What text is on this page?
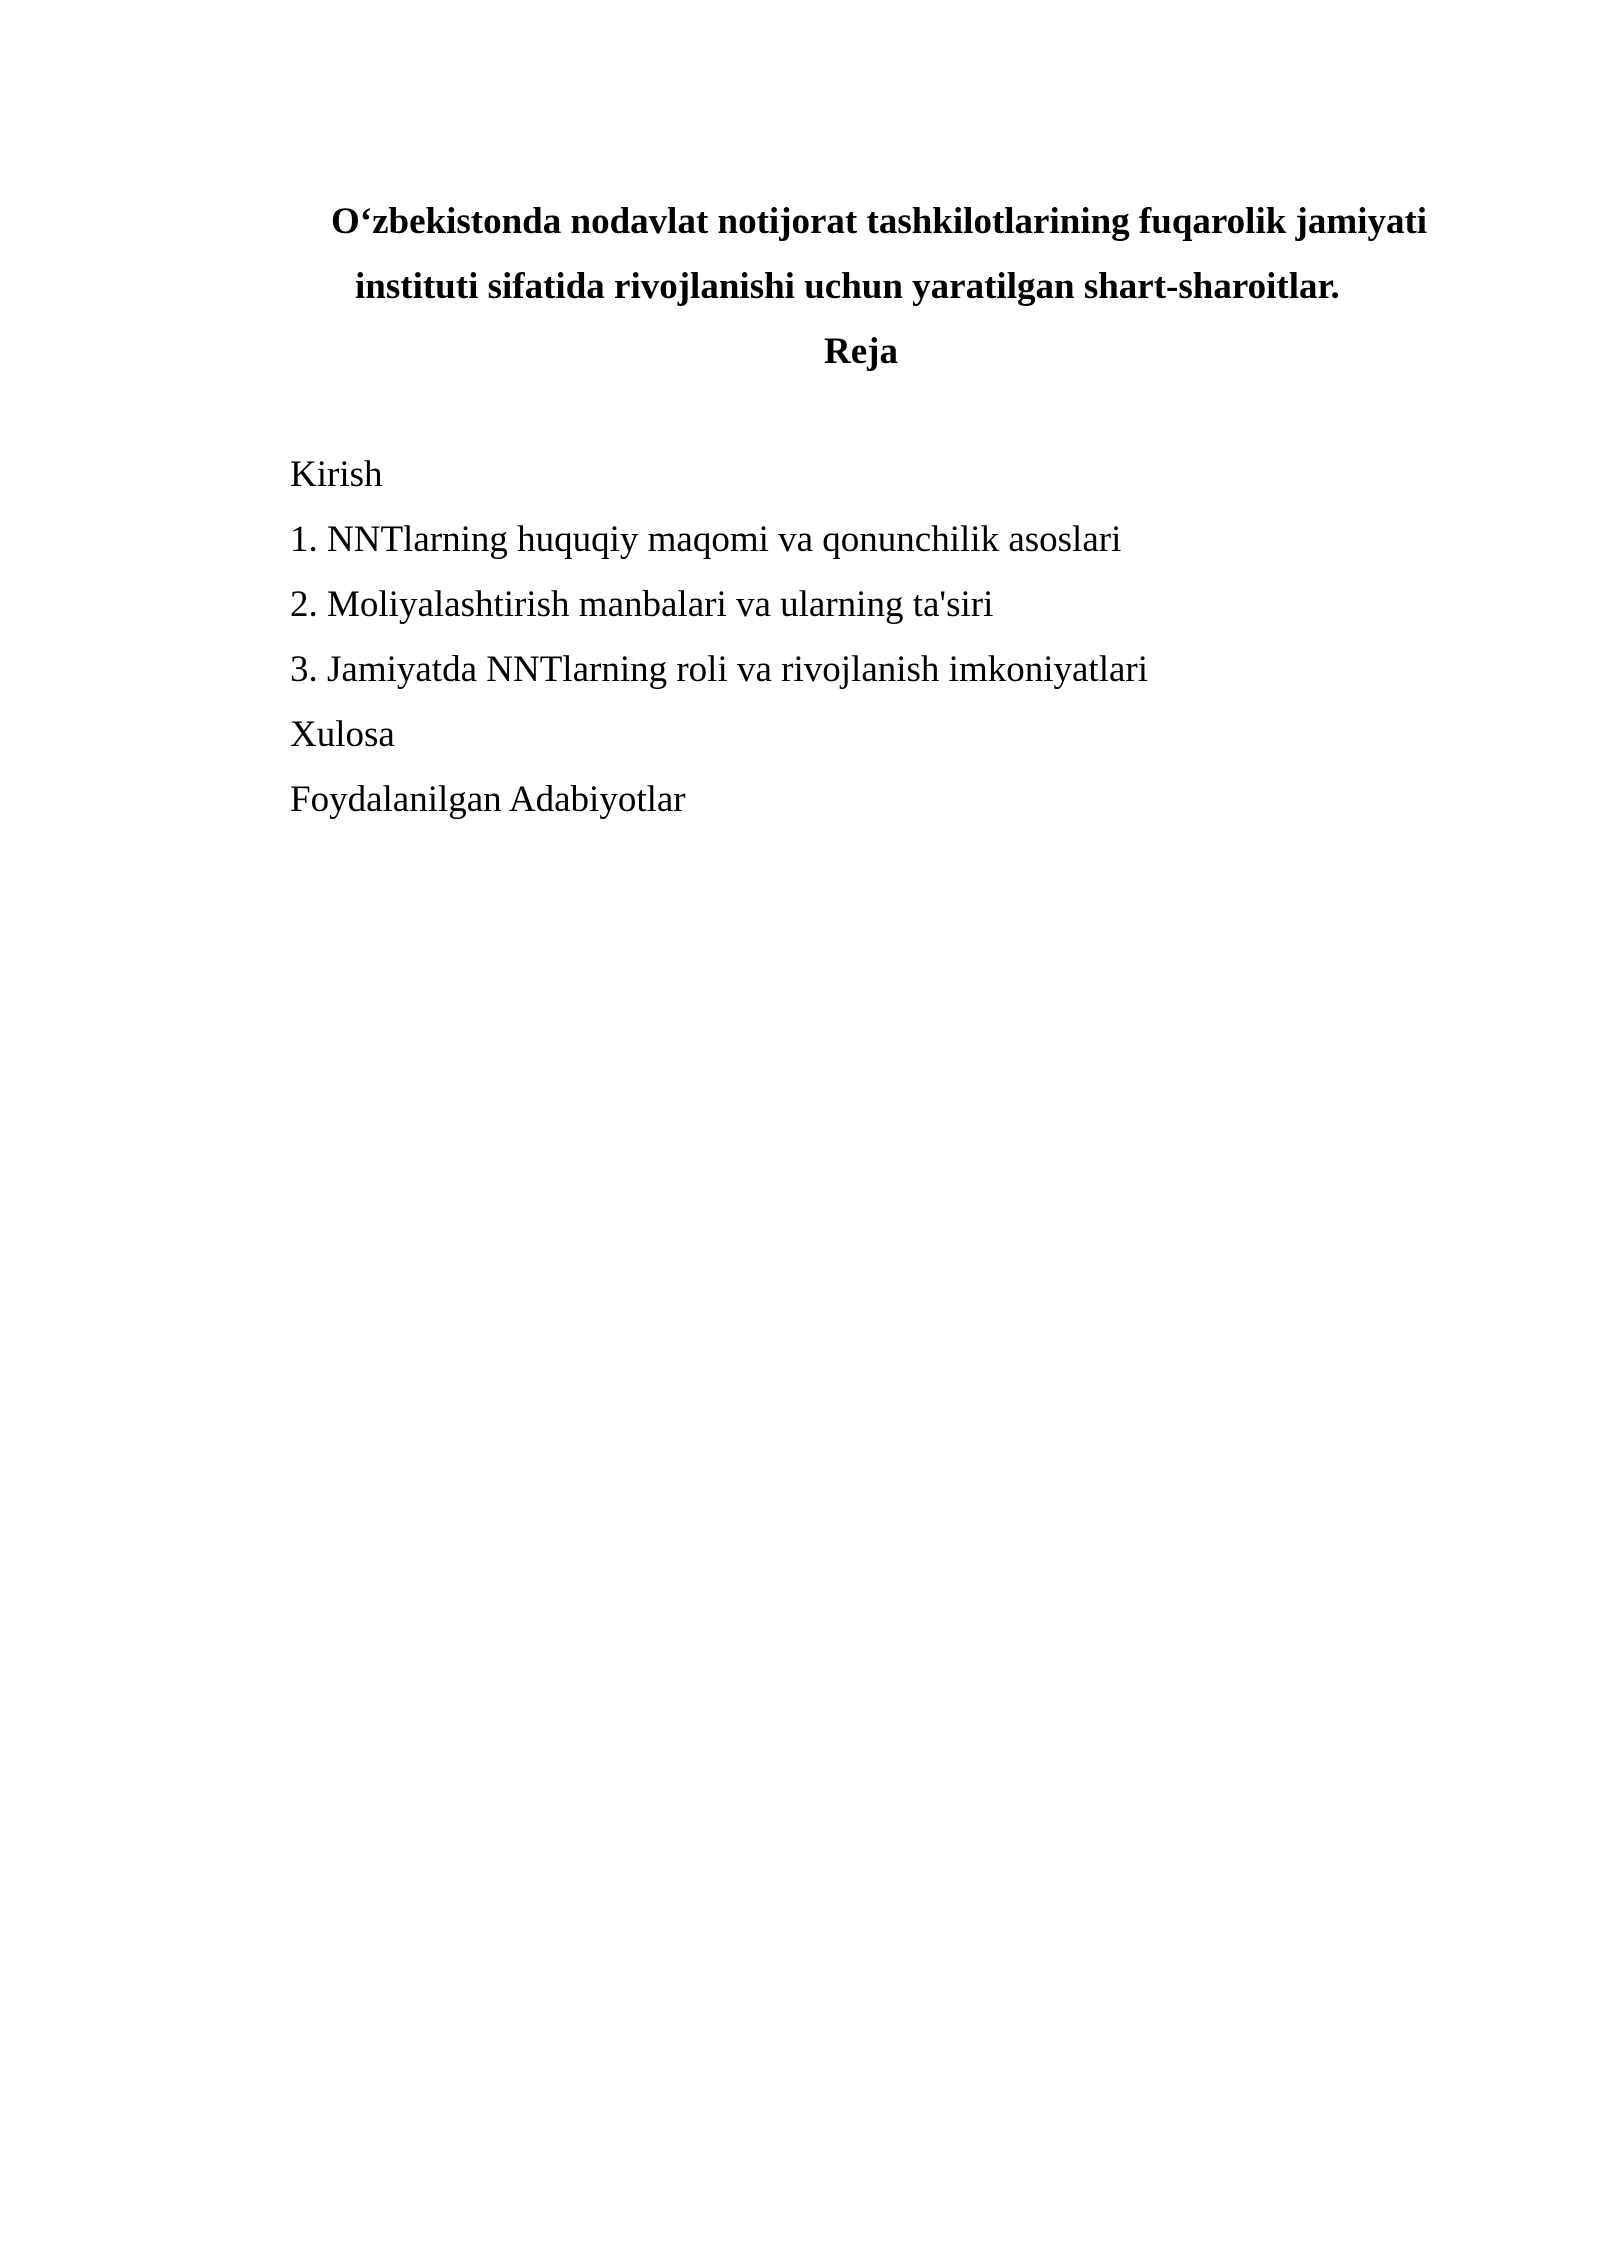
O‘zbekistonda nodavlat notijorat tashkilotlarining fuqarolik jamiyati
instituti sifatida rivojlanishi uchun yaratilgan shart-sharoitlar.
Reja
Kirish
1. NNTlarning huquqiy maqomi va qonunchilik asoslari
2. Moliyalashtirish manbalari va ularning ta'siri
3. Jamiyatda NNTlarning roli va rivojlanish imkoniyatlari
Xulosa
Foydalanilgan Adabiyotlar
